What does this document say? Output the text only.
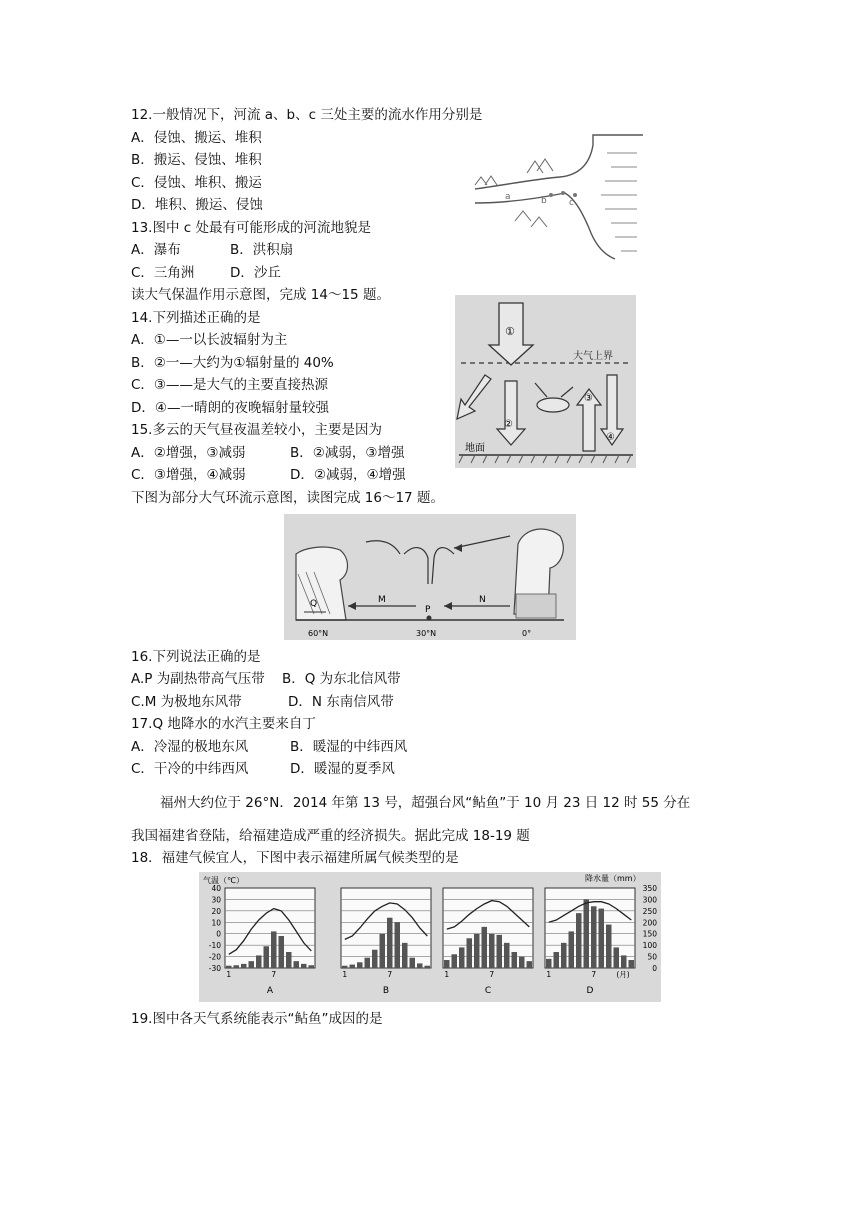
12.一般情况下，河流 a、b、c 三处主要的流水作用分别是
A．侵蚀、搬运、堆积
B．搬运、侵蚀、堆积
C．侵蚀、堆积、搬运
D．堆积、搬运、侵蚀	a	b c
13.图中 c 处最有可能形成的河流地貌是
A．瀑布	B．洪积扇
C．三角洲	D．沙丘
读大气保温作用示意图，完成 14～15 题。
14.下列描述正确的是
A．①—一以长波辐射为主
B．②一—大约为①辐射量的 40%
C．③——是大气的主要直接热源
D．④—一晴朗的夜晚辐射量较强
大气上界
①
②
③
④
地面
15.多云的天气昼夜温差较小，主要是因为
A．②增强，③减弱	B．②减弱，③增强
C．③增强，④减弱	D．②减弱，④增强
下图为部分大气环流示意图，读图完成 16～17 题。
M	N
P
Q
60°N	30°N	0°
16.下列说法正确的是
A.P 为副热带高气压带 B．Q 为东北信风带
C.M 为极地东风带	D．N 东南信风带
17.Q 地降水的水汽主要来自丁
A．冷湿的极地东风	B．暖湿的中纬西风
C．干冷的中纬西风	D．暖湿的夏季风
福州大约位于 26°N．2014 年第 13 号，超强台风“鲇鱼”于 10 月 23 日 12 时 55 分在
我国福建省登陆，给福建造成严重的经济损失。据此完成 18-19 题
18．福建气候宜人，下图中表示福建所属气候类型的是
气温（℃）	降水量（mm）
40
30
20
10
0
-10
-20
-30
350
300
250
200
150
100
50
0
1	7
A
1	7
B
1	7
C
1	7
D
(月)
19.图中各天气系统能表示“鲇鱼”成因的是
